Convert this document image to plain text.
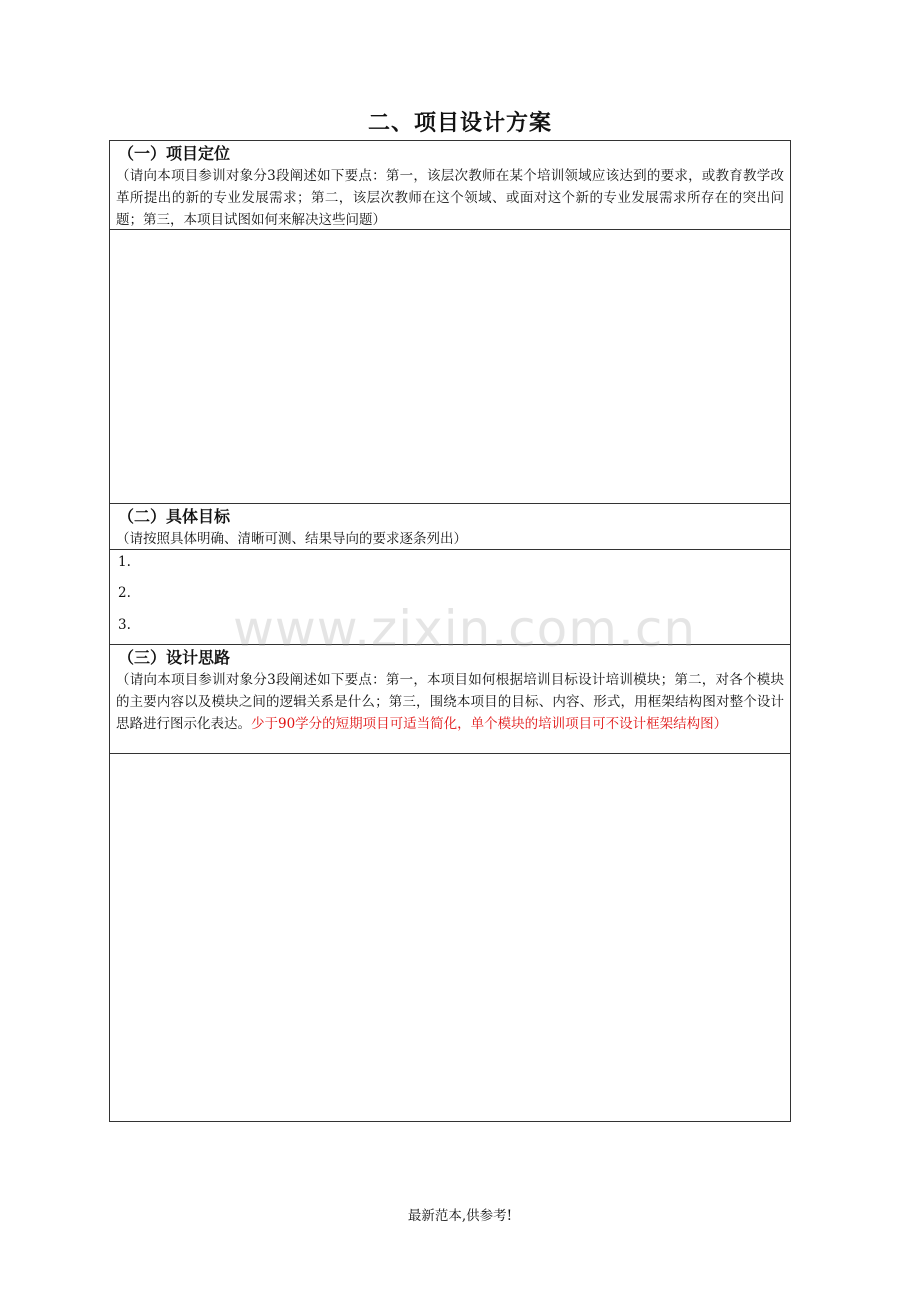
二、项目设计方案
（一）项目定位
（请向本项目参训对象分3段阐述如下要点：第一，该层次教师在某个培训领域应该达到的要求，或教育教学改革所提出的新的专业发展需求；第二，该层次教师在这个领域、或面对这个新的专业发展需求所存在的突出问题；第三，本项目试图如何来解决这些问题）
（二）具体目标
（请按照具体明确、清晰可测、结果导向的要求逐条列出）
1.
2.
3.
（三）设计思路
（请向本项目参训对象分3段阐述如下要点：第一，本项目如何根据培训目标设计培训模块；第二，对各个模块的主要内容以及模块之间的逻辑关系是什么；第三，围绕本项目的目标、内容、形式，用框架结构图对整个设计思路进行图示化表达。少于90学分的短期项目可适当简化，单个模块的培训项目可不设计框架结构图）
www.zixin.com.cn
最新范本,供参考!
